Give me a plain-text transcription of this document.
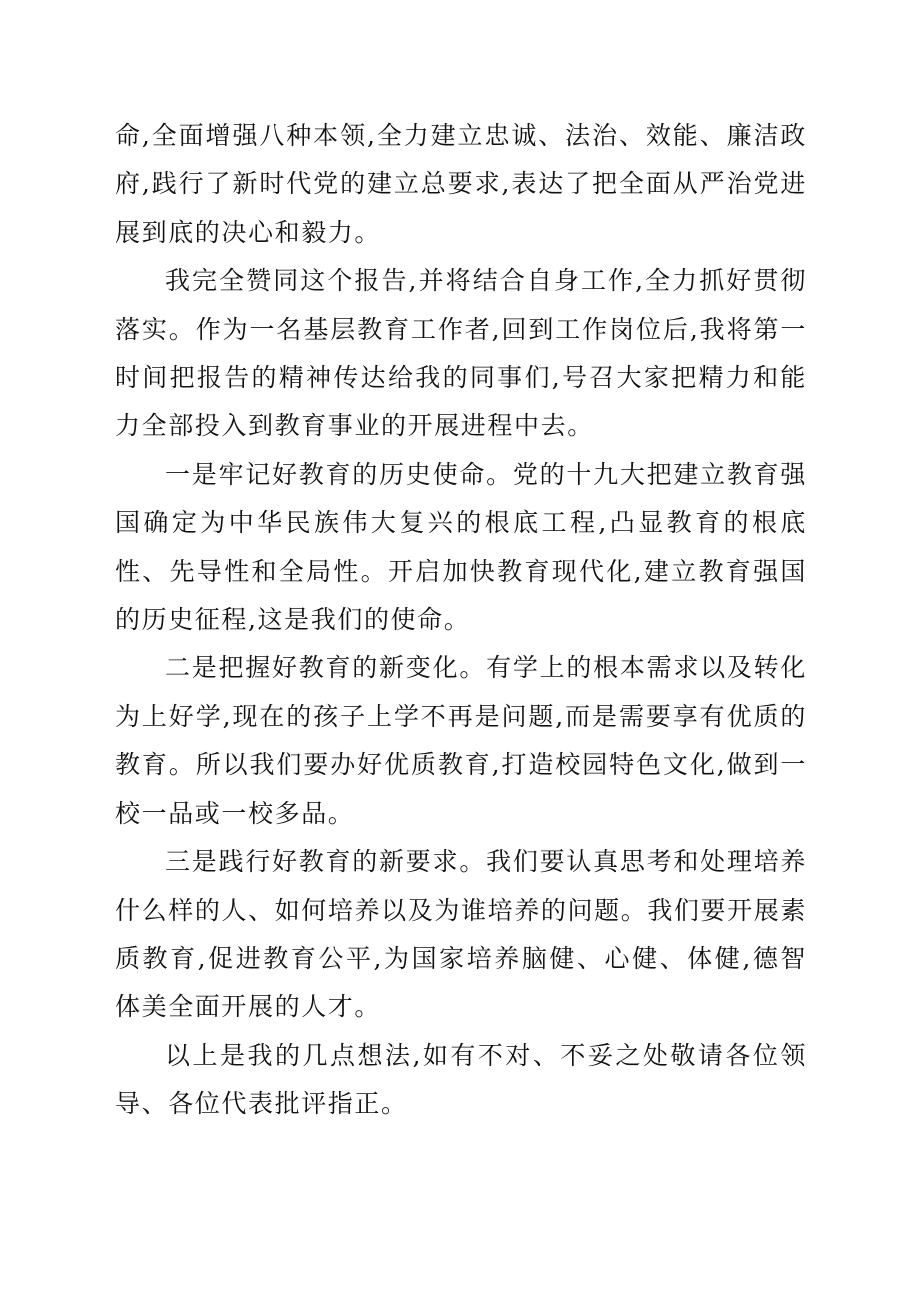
命,全面增强八种本领,全力建立忠诚、法治、效能、廉洁政府,践行了新时代党的建立总要求,表达了把全面从严治党进展到底的决心和毅力。

我完全赞同这个报告,并将结合自身工作,全力抓好贯彻落实。作为一名基层教育工作者,回到工作岗位后,我将第一时间把报告的精神传达给我的同事们,号召大家把精力和能力全部投入到教育事业的开展进程中去。

一是牢记好教育的历史使命。党的十九大把建立教育强国确定为中华民族伟大复兴的根底工程,凸显教育的根底性、先导性和全局性。开启加快教育现代化,建立教育强国的历史征程,这是我们的使命。

二是把握好教育的新变化。有学上的根本需求以及转化为上好学,现在的孩子上学不再是问题,而是需要享有优质的教育。所以我们要办好优质教育,打造校园特色文化,做到一校一品或一校多品。

三是践行好教育的新要求。我们要认真思考和处理培养什么样的人、如何培养以及为谁培养的问题。我们要开展素质教育,促进教育公平,为国家培养脑健、心健、体健,德智体美全面开展的人才。

以上是我的几点想法,如有不对、不妥之处敬请各位领导、各位代表批评指正。
